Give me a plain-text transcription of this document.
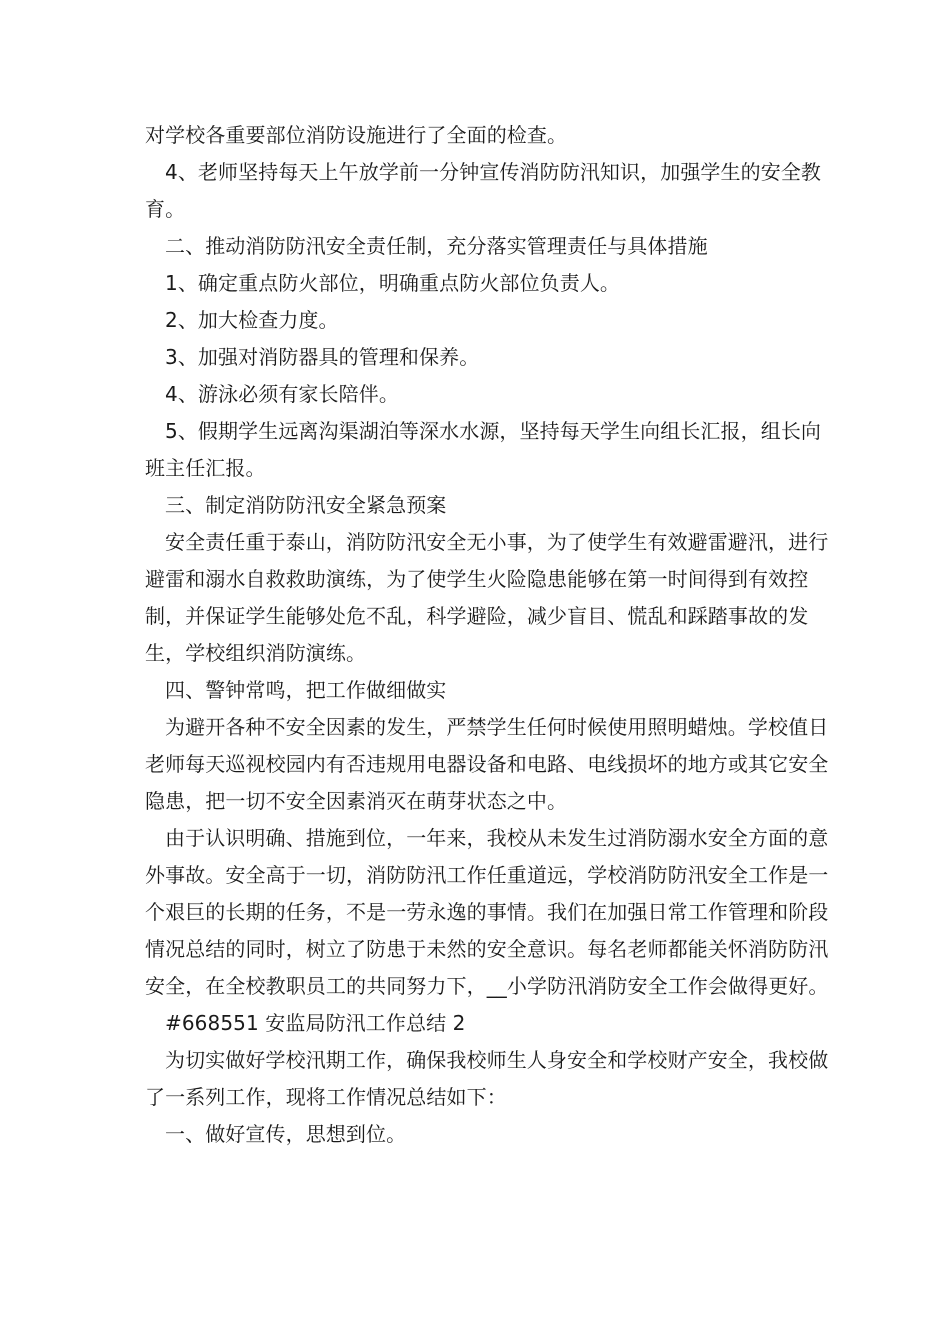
对学校各重要部位消防设施进行了全面的检查。

4、老师坚持每天上午放学前一分钟宣传消防防汛知识，加强学生的安全教育。

二、推动消防防汛安全责任制，充分落实管理责任与具体措施

1、确定重点防火部位，明确重点防火部位负责人。

2、加大检查力度。

3、加强对消防器具的管理和保养。

4、游泳必须有家长陪伴。

5、假期学生远离沟渠湖泊等深水水源，坚持每天学生向组长汇报，组长向班主任汇报。

三、制定消防防汛安全紧急预案

安全责任重于泰山，消防防汛安全无小事，为了使学生有效避雷避汛，进行避雷和溺水自救救助演练，为了使学生火险隐患能够在第一时间得到有效控制，并保证学生能够处危不乱，科学避险，减少盲目、慌乱和踩踏事故的发生，学校组织消防演练。

四、警钟常鸣，把工作做细做实

为避开各种不安全因素的发生，严禁学生任何时候使用照明蜡烛。学校值日老师每天巡视校园内有否违规用电器设备和电路、电线损坏的地方或其它安全隐患，把一切不安全因素消灭在萌芽状态之中。

由于认识明确、措施到位，一年来，我校从未发生过消防溺水安全方面的意外事故。安全高于一切，消防防汛工作任重道远，学校消防防汛安全工作是一个艰巨的长期的任务，不是一劳永逸的事情。我们在加强日常工作管理和阶段情况总结的同时，树立了防患于未然的安全意识。每名老师都能关怀消防防汛安全，在全校教职员工的共同努力下，__小学防汛消防安全工作会做得更好。

#668551 安监局防汛工作总结 2

为切实做好学校汛期工作，确保我校师生人身安全和学校财产安全，我校做了一系列工作，现将工作情况总结如下：

一、做好宣传，思想到位。
